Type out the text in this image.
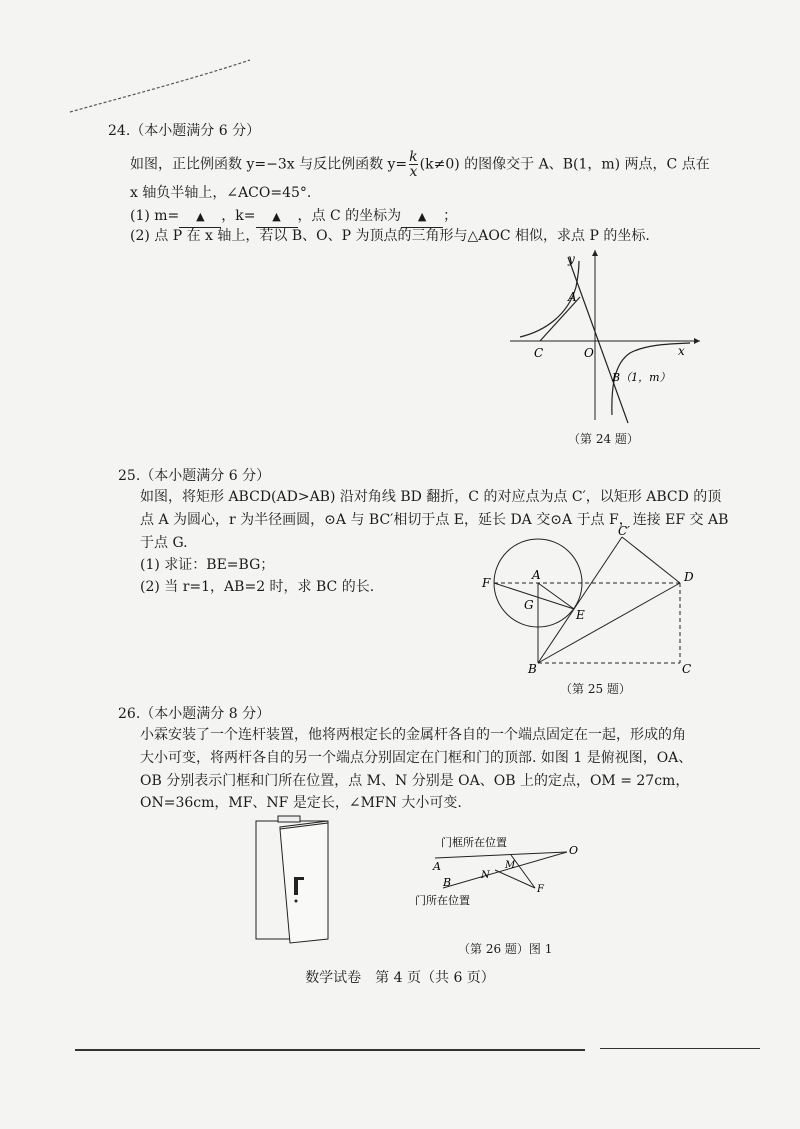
24.（本小题满分 6 分）
如图，正比例函数 y=−3x 与反比例函数 $y= \frac{k}{x} (k\ne 0)$ 的图像交于 A、B(1，m) 两点，C 点在
x 轴负半轴上，∠ACO=45°.
(1) m= ▲ ，k= ▲ ，点 C 的坐标为 ▲ ；
(2) 点 P 在 x 轴上，若以 B、O、P 为顶点的三角形与△AOC 相似，求点 P 的坐标.
y
A
C	O	x
B（1，m）
（第 24 题）
25.（本小题满分 6 分）
如图，将矩形 ABCD(AD>AB) 沿对角线 BD 翻折，C 的对应点为点 C′，以矩形 ABCD 的顶
点 A 为圆心，r 为半径画圆，⊙A 与 BC′相切于点 E，延长 DA 交⊙A 于点 F，连接 EF 交 AB
于点 G.
(1) 求证：BE=BG；
(2) 当 r=1，AB=2 时，求 BC 的长.
C′
F
A	D
G
E
B	C
（第 25 题）
26.（本小题满分 8 分）
小霖安装了一个连杆装置，他将两根定长的金属杆各自的一个端点固定在一起，形成的角
大小可变，将两杆各自的另一个端点分别固定在门框和门的顶部. 如图 1 是俯视图，OA、
OB 分别表示门框和门所在位置，点 M、N 分别是 OA、OB 上的定点，OM = 27cm，
ON=36cm，MF、NF 是定长，∠MFN 大小可变.
门框所在位置
A	M
O
N
B
F
门所在位置
（第 26 题）图 1
数学试卷　第 4 页（共 6 页）
